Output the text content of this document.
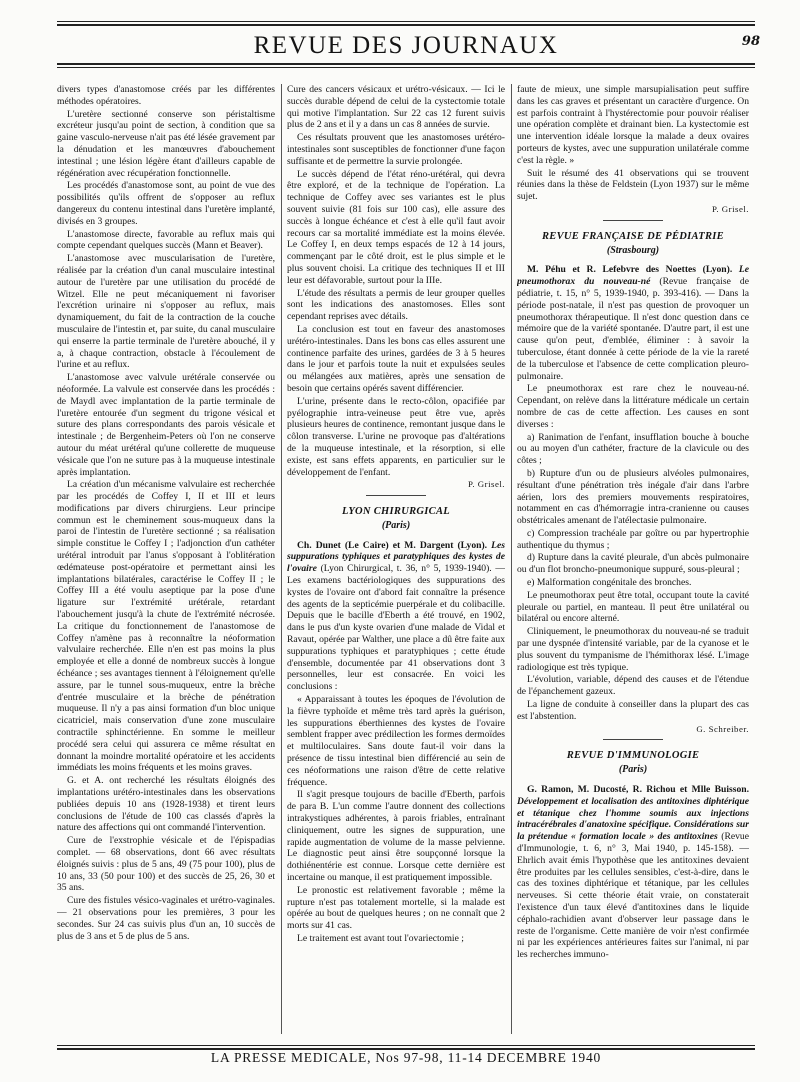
REVUE DES JOURNAUX	98

divers types d'anastomose créés par les différentes méthodes opératoires.

L'uretère sectionné conserve son péristaltisme excréteur jusqu'au point de section, à condition que sa gaine vasculo-nerveuse n'ait pas été lésée gravement par la dénudation et les manœuvres d'abouchement intestinal ; une lésion légère étant d'ailleurs capable de régénération avec récupération fonctionnelle.

Les procédés d'anastomose sont, au point de vue des possibilités qu'ils offrent de s'opposer au reflux dangereux du contenu intestinal dans l'uretère implanté, divisés en 3 groupes.

L'anastomose directe, favorable au reflux mais qui compte cependant quelques succès (Mann et Beaver).

L'anastomose avec muscularisation de l'uretère, réalisée par la création d'un canal musculaire intestinal autour de l'uretère par une utilisation du procédé de Witzel. Elle ne peut mécaniquement ni favoriser l'excrétion urinaire ni s'opposer au reflux, mais dynamiquement, du fait de la contraction de la couche musculaire de l'intestin et, par suite, du canal musculaire qui enserre la partie terminale de l'uretère abouché, il y a, à chaque contraction, obstacle à l'écoulement de l'urine et au reflux.

L'anastomose avec valvule urétérale conservée ou néoformée. La valvule est conservée dans les procédés : de Maydl avec implantation de la partie terminale de l'uretère entourée d'un segment du trigone vésical et suture des plans correspondants des parois vésicale et intestinale ; de Bergenheim-Peters où l'on ne conserve autour du méat urétéral qu'une collerette de muqueuse vésicale que l'on ne suture pas à la muqueuse intestinale après implantation.

La création d'un mécanisme valvulaire est recherchée par les procédés de Coffey I, II et III et leurs modifications par divers chirurgiens. Leur principe commun est le cheminement sous-muqueux dans la paroi de l'intestin de l'uretère sectionné ; sa réalisation simple constitue le Coffey I ; l'adjonction d'un cathéter urétéral introduit par l'anus s'opposant à l'oblitération œdémateuse post-opératoire et permettant ainsi les implantations bilatérales, caractérise le Coffey II ; le Coffey III a été voulu aseptique par la pose d'une ligature sur l'extrémité urétérale, retardant l'abouchement jusqu'à la chute de l'extrémité nécrosée. La critique du fonctionnement de l'anastomose de Coffey n'amène pas à reconnaître la néoformation valvulaire recherchée. Elle n'en est pas moins la plus employée et elle a donné de nombreux succès à longue échéance ; ses avantages tiennent à l'éloignement qu'elle assure, par le tunnel sous-muqueux, entre la brèche d'entrée musculaire et la brèche de pénétration muqueuse. Il n'y a pas ainsi formation d'un bloc unique cicatriciel, mais conservation d'une zone musculaire contractile sphinctérienne. En somme le meilleur procédé sera celui qui assurera ce même résultat en donnant la moindre mortalité opératoire et les accidents immédiats les moins fréquents et les moins graves.

G. et A. ont recherché les résultats éloignés des implantations urétéro-intestinales dans les observations publiées depuis 10 ans (1928-1938) et tirent leurs conclusions de l'étude de 100 cas classés d'après la nature des affections qui ont commandé l'intervention.

Cure de l'exstrophie vésicale et de l'épispadias complet. — 68 observations, dont 66 avec résultats éloignés suivis : plus de 5 ans, 49 (75 pour 100), plus de 10 ans, 33 (50 pour 100) et des succès de 25, 26, 30 et 35 ans.

Cure des fistules vésico-vaginales et urétro-vaginales. — 21 observations pour les premières, 3 pour les secondes. Sur 24 cas suivis plus d'un an, 10 succès de plus de 3 ans et 5 de plus de 5 ans.

Cure des cancers vésicaux et urétro-vésicaux. — Ici le succès durable dépend de celui de la cystectomie totale qui motive l'implantation. Sur 22 cas 12 furent suivis plus de 2 ans et il y a dans un cas 8 années de survie.

Ces résultats prouvent que les anastomoses urétéro-intestinales sont susceptibles de fonctionner d'une façon suffisante et de permettre la survie prolongée.

Le succès dépend de l'état réno-urétéral, qui devra être exploré, et de la technique de l'opération. La technique de Coffey avec ses variantes est le plus souvent suivie (81 fois sur 100 cas), elle assure des succès à longue échéance et c'est à elle qu'il faut avoir recours car sa mortalité immédiate est la moins élevée. Le Coffey I, en deux temps espacés de 12 à 14 jours, commençant par le côté droit, est le plus simple et le plus souvent choisi. La critique des techniques II et III leur est défavorable, surtout pour la IIIe.

L'étude des résultats a permis de leur grouper quelles sont les indications des anastomoses. Elles sont cependant reprises avec détails.

La conclusion est tout en faveur des anastomoses urétéro-intestinales. Dans les bons cas elles assurent une continence parfaite des urines, gardées de 3 à 5 heures dans le jour et parfois toute la nuit et expulsées seules ou mélangées aux matières, après une sensation de besoin que certains opérés savent différencier.

L'urine, présente dans le recto-côlon, opacifiée par pyélographie intra-veineuse peut être vue, après plusieurs heures de continence, remontant jusque dans le côlon transverse. L'urine ne provoque pas d'altérations de la muqueuse intestinale, et la résorption, si elle existe, est sans effets apparents, en particulier sur le développement de l'enfant.

P. Grisel.

LYON CHIRURGICAL
(Paris)

Ch. Dunet (Le Caire) et M. Dargent (Lyon). Les suppurations typhiques et paratyphiques des kystes de l'ovaire (Lyon Chirurgical, t. 36, n° 5, 1939-1940). — Les examens bactériologiques des suppurations des kystes de l'ovaire ont d'abord fait connaître la présence des agents de la septicémie puerpérale et du colibacille. Depuis que le bacille d'Eberth a été trouvé, en 1902, dans le pus d'un kyste ovarien d'une malade de Vidal et Ravaut, opérée par Walther, une place a dû être faite aux suppurations typhiques et paratyphiques ; cette étude d'ensemble, documentée par 41 observations dont 3 personnelles, leur est consacrée. En voici les conclusions :

« Apparaissant à toutes les époques de l'évolution de la fièvre typhoïde et même très tard après la guérison, les suppurations éberthiennes des kystes de l'ovaire semblent frapper avec prédilection les formes dermoïdes et multiloculaires. Sans doute faut-il voir dans la présence de tissu intestinal bien différencié au sein de ces néoformations une raison d'être de cette relative fréquence.

Il s'agit presque toujours de bacille d'Eberth, parfois de para B. L'un comme l'autre donnent des collections intrakystiques adhérentes, à parois friables, entraînant cliniquement, outre les signes de suppuration, une rapide augmentation de volume de la masse pelvienne. Le diagnostic peut ainsi être soupçonné lorsque la dothiénentérie est connue. Lorsque cette dernière est incertaine ou manque, il est pratiquement impossible.

Le pronostic est relativement favorable ; même la rupture n'est pas totalement mortelle, si la malade est opérée au bout de quelques heures ; on ne connaît que 2 morts sur 41 cas.

Le traitement est avant tout l'ovariectomie ;

faute de mieux, une simple marsupialisation peut suffire dans les cas graves et présentant un caractère d'urgence. On est parfois contraint à l'hystérectomie pour pouvoir réaliser une opération complète et drainant bien. La kystectomie est une intervention idéale lorsque la malade a deux ovaires porteurs de kystes, avec une suppuration unilatérale comme c'est la règle. »

Suit le résumé des 41 observations qui se trouvent réunies dans la thèse de Feldstein (Lyon 1937) sur le même sujet.

P. Grisel.

REVUE FRANÇAISE DE PÉDIATRIE
(Strasbourg)

M. Péhu et R. Lefebvre des Noettes (Lyon). Le pneumothorax du nouveau-né (Revue française de pédiatrie, t. 15, n° 5, 1939-1940, p. 393-416). — Dans la période post-natale, il n'est pas question de provoquer un pneumothorax thérapeutique. Il n'est donc question dans ce mémoire que de la variété spontanée. D'autre part, il est une cause qu'on peut, d'emblée, éliminer : à savoir la tuberculose, étant donnée à cette période de la vie la rareté de la tuberculose et l'absence de cette complication pleuro-pulmonaire.

Le pneumothorax est rare chez le nouveau-né. Cependant, on relève dans la littérature médicale un certain nombre de cas de cette affection. Les causes en sont diverses :

a) Ranimation de l'enfant, insufflation bouche à bouche ou au moyen d'un cathéter, fracture de la clavicule ou des côtes ;

b) Rupture d'un ou de plusieurs alvéoles pulmonaires, résultant d'une pénétration très inégale d'air dans l'arbre aérien, lors des premiers mouvements respiratoires, notamment en cas d'hémorragie intra-cranienne ou causes obstétricales amenant de l'atélectasie pulmonaire.

c) Compression trachéale par goître ou par hypertrophie authentique du thymus ;

d) Rupture dans la cavité pleurale, d'un abcès pulmonaire ou d'un flot broncho-pneumonique suppuré, sous-pleural ;

e) Malformation congénitale des bronches.

Le pneumothorax peut être total, occupant toute la cavité pleurale ou partiel, en manteau. Il peut être unilatéral ou bilatéral ou encore alterné.

Cliniquement, le pneumothorax du nouveau-né se traduit par une dyspnée d'intensité variable, par de la cyanose et le plus souvent du tympanisme de l'hémithorax lésé. L'image radiologique est très typique.

L'évolution, variable, dépend des causes et de l'étendue de l'épanchement gazeux.

La ligne de conduite à conseiller dans la plupart des cas est l'abstention.

G. Schreiber.

REVUE D'IMMUNOLOGIE
(Paris)

G. Ramon, M. Ducosté, R. Richou et Mlle Buisson. Développement et localisation des antitoxines diphtérique et tétanique chez l'homme soumis aux injections intracérébrales d'anatoxine spécifique. Considérations sur la prétendue « formation locale » des antitoxines (Revue d'Immunologie, t. 6, n° 3, Mai 1940, p. 145-158). — Ehrlich avait émis l'hypothèse que les antitoxines devaient être produites par les cellules sensibles, c'est-à-dire, dans le cas des toxines diphtérique et tétanique, par les cellules nerveuses. Si cette théorie était vraie, on constaterait l'existence d'un taux élevé d'antitoxines dans le liquide céphalo-rachidien avant d'observer leur passage dans le reste de l'organisme. Cette manière de voir n'est confirmée ni par les expériences antérieures faites sur l'animal, ni par les recherches immuno-

LA PRESSE MEDICALE, Nos 97-98, 11-14 DECEMBRE 1940
